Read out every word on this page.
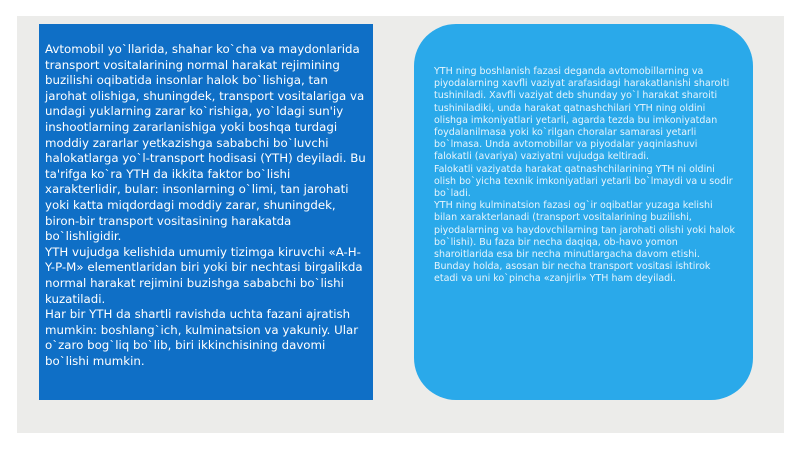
Avtomobil yo`llarida, shahar ko`cha va maydonlarida transport vositalarining normal harakat rejimining buzilishi oqibatida insonlar halok bo`lishiga, tan jarohat olishiga, shuningdek, transport vositalariga va undagi yuklarning zarar ko`rishiga, yo`ldagi sun'iy inshootlarning zararlanishiga yoki boshqa turdagi moddiy zararlar yetkazishga sababchi bo`luvchi halokatlarga yo`l-transport hodisasi (YTH) deyiladi. Bu ta'rifga ko`ra YTH da ikkita faktor bo`lishi xarakterlidir, bular: insonlarning o`limi, tan jarohati yoki katta miqdordagi moddiy zarar, shuningdek, biron-bir transport vositasining harakatda bo`lishligidir.

YTH vujudga kelishida umumiy tizimga kiruvchi «A-H-Y-P-M» elementlaridan biri yoki bir nechtasi birgalikda normal harakat rejimini buzishga sababchi bo`lishi kuzatiladi.

Har bir YTH da shartli ravishda uchta fazani ajratish mumkin: boshlang`ich, kulminatsion va yakuniy. Ular o`zaro bog`liq bo`lib, biri ikkinchisining davomi bo`lishi mumkin.

YTH ning boshlanish fazasi deganda avtomobillarning va piyodalarning xavfli vaziyat arafasidagi harakatlanishi sharoiti tushiniladi. Xavfli vaziyat deb shunday yo`l harakat sharoiti tushiniladiki, unda harakat qatnashchilari YTH ning oldini olishga imkoniyatlari yetarli, agarda tezda bu imkoniyatdan foydalanilmasa yoki ko`rilgan choralar samarasi yetarli bo`lmasa. Unda avtomobillar va piyodalar yaqinlashuvi falokatli (avariya) vaziyatni vujudga keltiradi.

Falokatli vaziyatda harakat qatnashchilarining YTH ni oldini olish bo`yicha texnik imkoniyatlari yetarli bo`lmaydi va u sodir bo`ladi.

YTH ning kulminatsion fazasi og`ir oqibatlar yuzaga kelishi bilan xarakterlanadi (transport vositalarining buzilishi, piyodalarning va haydovchilarning tan jarohati olishi yoki halok bo`lishi). Bu faza bir necha daqiqa, ob-havo yomon sharoitlarida esa bir necha minutlargacha davom etishi. Bunday holda, asosan bir necha transport vositasi ishtirok etadi va uni ko`pincha «zanjirli» YTH ham deyiladi.
